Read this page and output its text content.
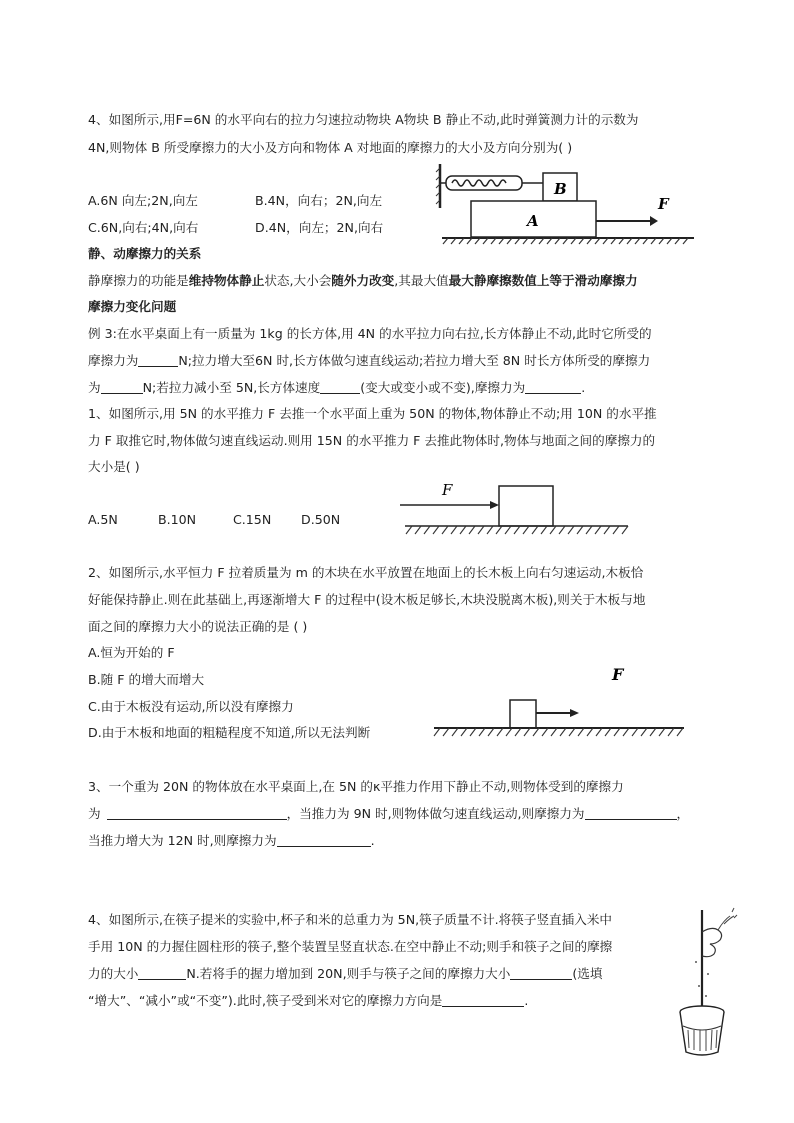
4、如图所示,用F=6N 的水平向右的拉力匀速拉动物块 A物块 B 静止不动,此时弹簧测力计的示数为
4N,则物体 B 所受摩擦力的大小及方向和物体 A 对地面的摩擦力的大小及方向分别为( )
A.6N 向左;2N,向左	B.4N，向右；2N,向左
C.6N,向右;4N,向右	D.4N，向左；2N,向右
B
A
F
静、动摩擦力的关系
静摩擦力的功能是维持物体静止状态,大小会随外力改变,其最大值最大静摩擦数值上等于滑动摩擦力
摩擦力变化问题
例 3:在水平桌面上有一质量为 1kg 的长方体,用 4N 的水平拉力向右拉,长方体静止不动,此时它所受的
摩擦力为	N;拉力增大至6N 时,长方体做匀速直线运动;若拉力增大至 8N 时长方体所受的摩擦力
为	N;若拉力减小至 5N,长方体速度	(变大或变小或不变),摩擦力为	.
1、如图所示,用 5N 的水平推力 F 去推一个水平面上重为 50N 的物体,物体静止不动;用 10N 的水平推
力 F 取推它时,物体做匀速直线运动.则用 15N 的水平推力 F 去推此物体时,物体与地面之间的摩擦力的
大小是( )
A.5N	B.10N	C.15N D.50N
F
2、如图所示,水平恒力 F 拉着质量为 m 的木块在水平放置在地面上的长木板上向右匀速运动,木板恰
好能保持静止.则在此基础上,再逐渐增大 F 的过程中(设木板足够长,木块没脱离木板),则关于木板与地
面之间的摩擦力大小的说法正确的是 ( )
A.恒为开始的 F
B.随 F 的增大而增大
C.由于木板没有运动,所以没有摩擦力
D.由于木板和地面的粗糙程度不知道,所以无法判断
F
3、一个重为 20N 的物体放在水平桌面上,在 5N 的κ平推力作用下静止不动,则物体受到的摩擦力
为	，当推力为 9N 时,则物体做匀速直线运动,则摩擦力为	，
当推力增大为 12N 时,则摩擦力为	.
4、如图所示,在筷子提米的实验中,杯子和米的总重力为 5N,筷子质量不计.将筷子竖直插入米中
手用 10N 的力握住圆柱形的筷子,整个装置呈竖直状态.在空中静止不动;则手和筷子之间的摩擦
力的大小	N.若将手的握力增加到 20N,则手与筷子之间的摩擦力大小	(选填
“增大”、“减小”或“不变”).此时,筷子受到米对它的摩擦力方向是	.
